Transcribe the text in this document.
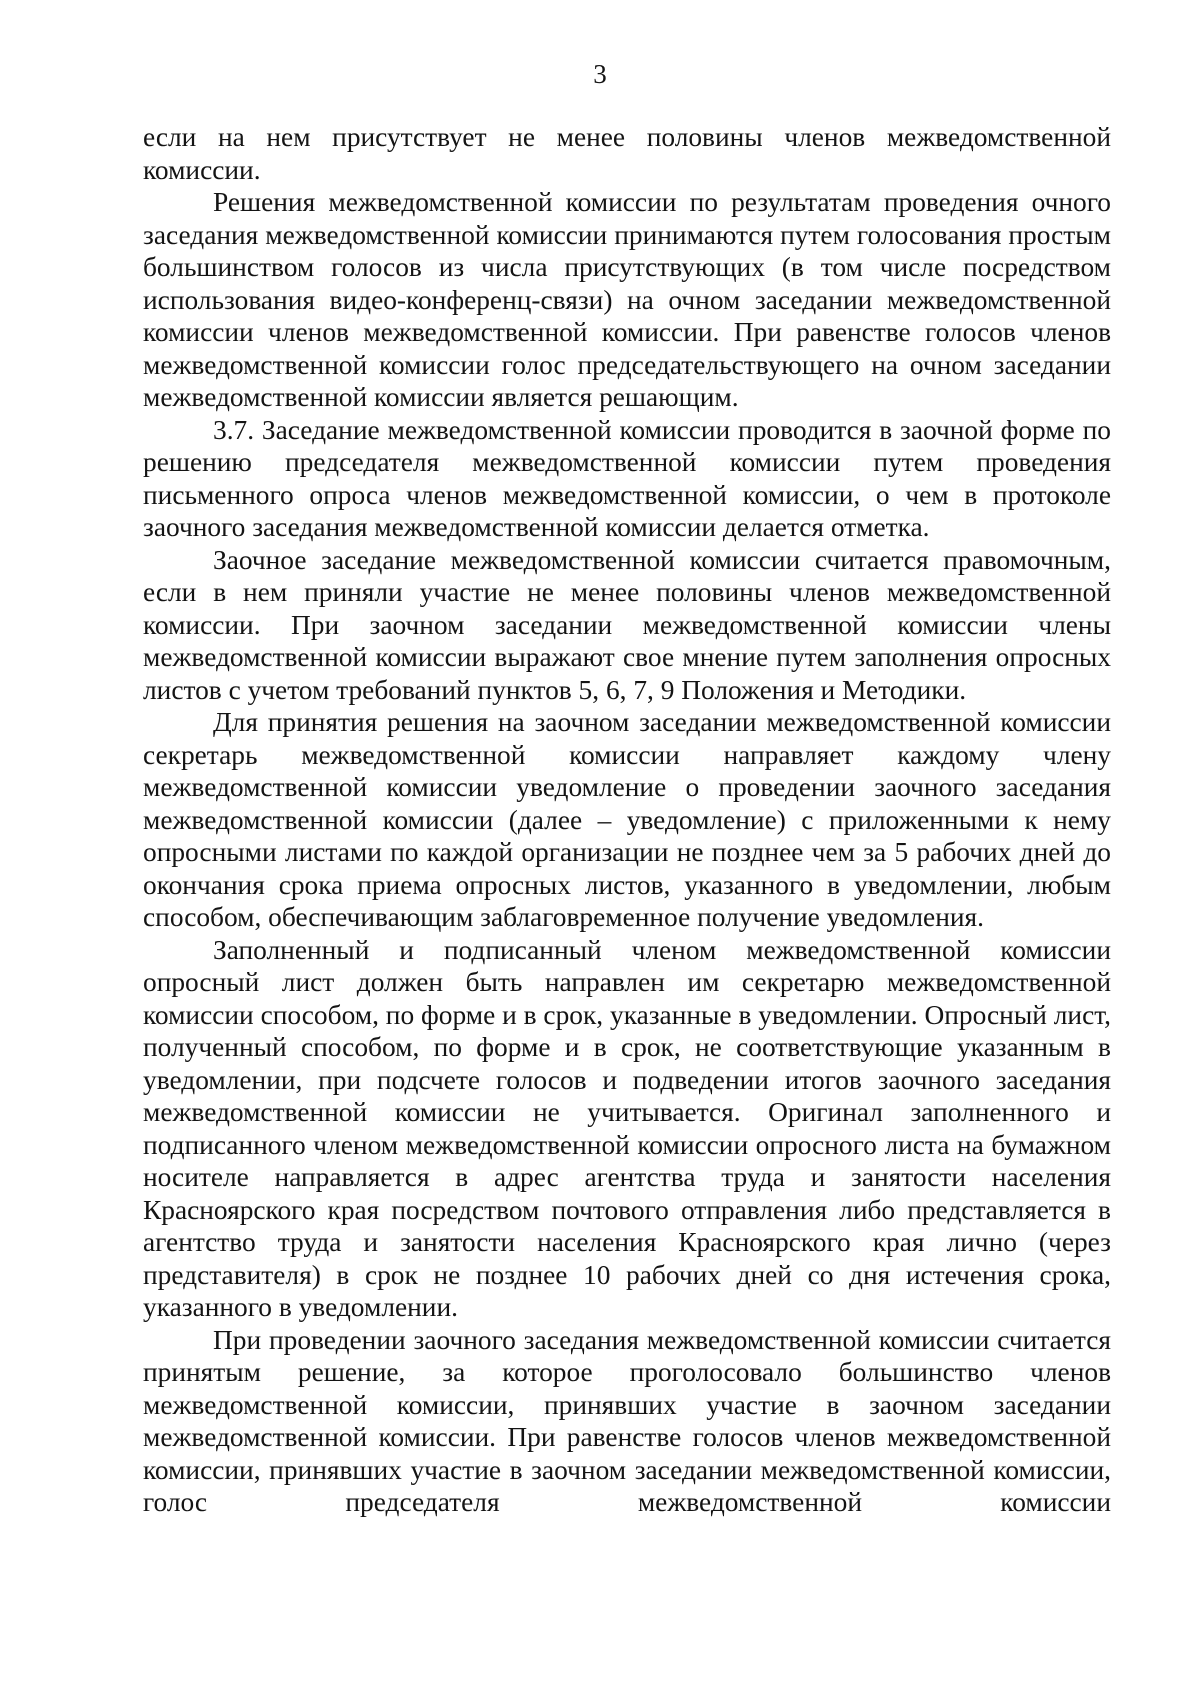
3

если на нем присутствует не менее половины членов межведомственной комиссии.

Решения межведомственной комиссии по результатам проведения очного заседания межведомственной комиссии принимаются путем голосования простым большинством голосов из числа присутствующих (в том числе посредством использования видео-конференц-связи) на очном заседании межведомственной комиссии членов межведомственной комиссии. При равенстве голосов членов межведомственной комиссии голос председательствующего на очном заседании межведомственной комиссии является решающим.

3.7. Заседание межведомственной комиссии проводится в заочной форме по решению председателя межведомственной комиссии путем проведения письменного опроса членов межведомственной комиссии, о чем в протоколе заочного заседания межведомственной комиссии делается отметка.

Заочное заседание межведомственной комиссии считается правомочным, если в нем приняли участие не менее половины членов межведомственной комиссии. При заочном заседании межведомственной комиссии члены межведомственной комиссии выражают свое мнение путем заполнения опросных листов с учетом требований пунктов 5, 6, 7, 9 Положения и Методики.

Для принятия решения на заочном заседании межведомственной комиссии секретарь межведомственной комиссии направляет каждому члену межведомственной комиссии уведомление о проведении заочного заседания межведомственной комиссии (далее – уведомление) с приложенными к нему опросными листами по каждой организации не позднее чем за 5 рабочих дней до окончания срока приема опросных листов, указанного в уведомлении, любым способом, обеспечивающим заблаговременное получение уведомления.

Заполненный и подписанный членом межведомственной комиссии опросный лист должен быть направлен им секретарю межведомственной комиссии способом, по форме и в срок, указанные в уведомлении. Опросный лист, полученный способом, по форме и в срок, не соответствующие указанным в уведомлении, при подсчете голосов и подведении итогов заочного заседания межведомственной комиссии не учитывается. Оригинал заполненного и подписанного членом межведомственной комиссии опросного листа на бумажном носителе направляется в адрес агентства труда и занятости населения Красноярского края посредством почтового отправления либо представляется в агентство труда и занятости населения Красноярского края лично (через представителя) в срок не позднее 10 рабочих дней со дня истечения срока, указанного в уведомлении.

При проведении заочного заседания межведомственной комиссии считается принятым решение, за которое проголосовало большинство членов межведомственной комиссии, принявших участие в заочном заседании межведомственной комиссии. При равенстве голосов членов межведомственной комиссии, принявших участие в заочном заседании межведомственной комиссии, голос председателя межведомственной комиссии
